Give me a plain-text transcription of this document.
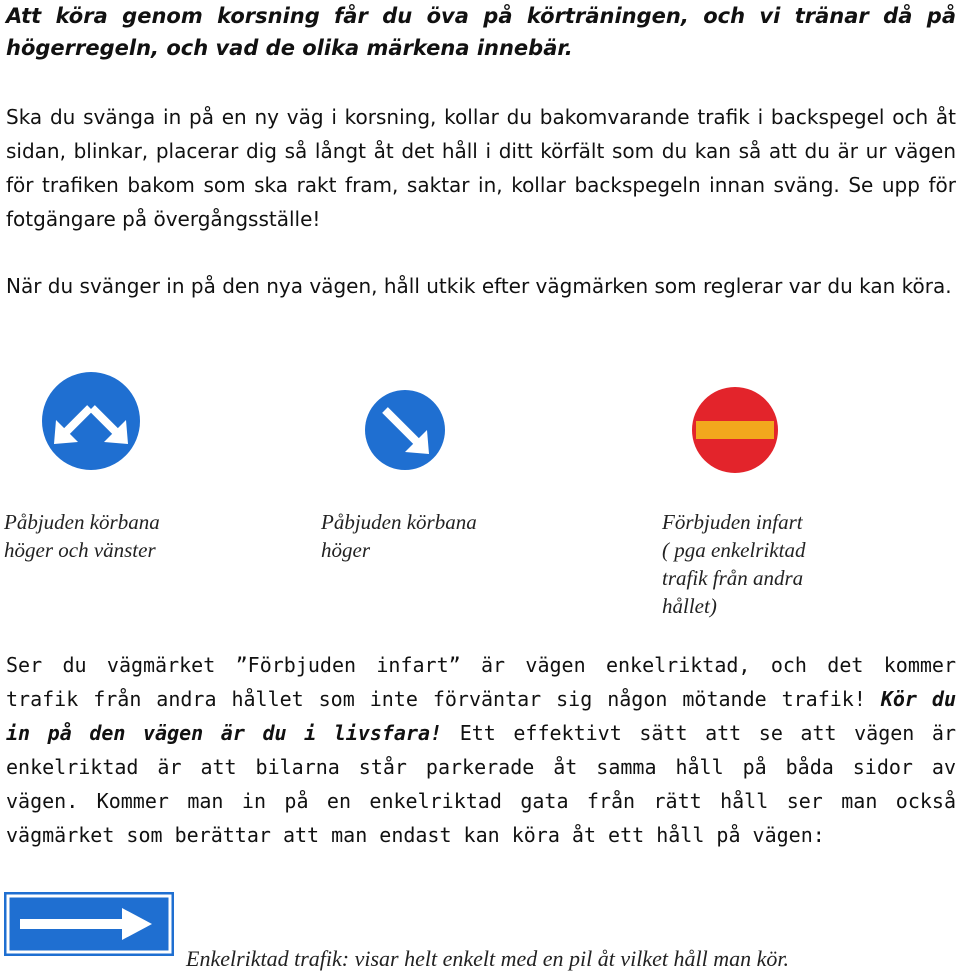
Att köra genom korsning får du öva på körträningen, och vi tränar då på högerregeln, och vad de olika märkena innebär.

Ska du svänga in på en ny väg i korsning, kollar du bakomvarande trafik i backspegel och åt sidan, blinkar, placerar dig så långt åt det håll i ditt körfält som du kan så att du är ur vägen för trafiken bakom som ska rakt fram, saktar in, kollar backspegeln innan sväng. Se upp för fotgängare på övergångsställe!

När du svänger in på den nya vägen, håll utkik efter vägmärken som reglerar var du kan köra.

Påbjuden körbana
höger och vänster
Påbjuden körbana
höger
Förbjuden infart
( pga enkelriktad
trafik från andra
hållet)

Ser du vägmärket ”Förbjuden infart” är vägen enkelriktad, och det kommer trafik från andra hållet som inte förväntar sig någon mötande trafik! Kör du in på den vägen är du i livsfara! Ett effektivt sätt att se att vägen är enkelriktad är att bilarna står parkerade åt samma håll på båda sidor av vägen. Kommer man in på en enkelriktad gata från rätt håll ser man också vägmärket som berättar att man endast kan köra åt ett håll på vägen:

Enkelriktad trafik: visar helt enkelt med en pil åt vilket håll man kör.
